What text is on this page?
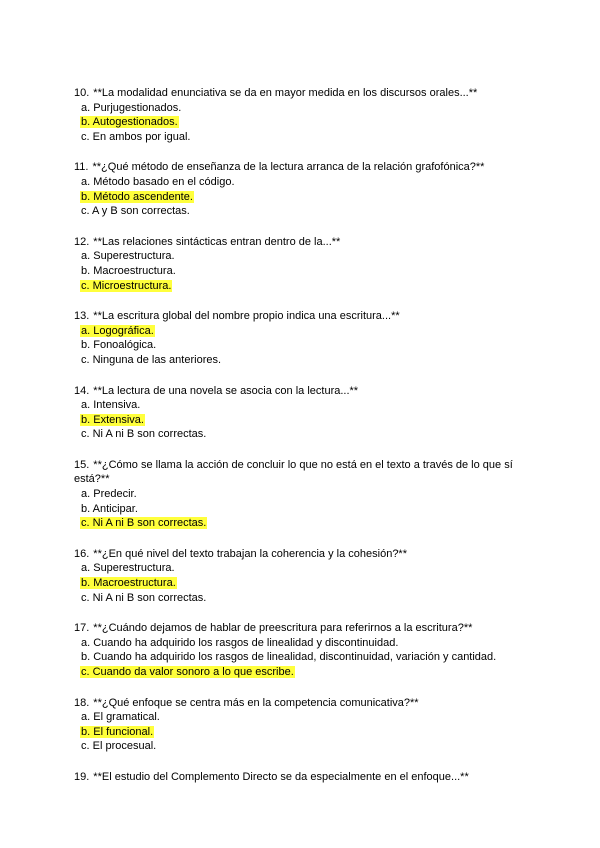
10. **La modalidad enunciativa se da en mayor medida en los discursos orales...**
a. Purjugestionados.
b. Autogestionados.
c. En ambos por igual.
11. **¿Qué método de enseñanza de la lectura arranca de la relación grafofónica?**
a. Método basado en el código.
b. Método ascendente.
c. A y B son correctas.
12. **Las relaciones sintácticas entran dentro de la...**
a. Superestructura.
b. Macroestructura.
c. Microestructura.
13. **La escritura global del nombre propio indica una escritura...**
a. Logográfica.
b. Fonoalógica.
c. Ninguna de las anteriores.
14. **La lectura de una novela se asocia con la lectura...**
a. Intensiva.
b. Extensiva.
c. Ni A ni B son correctas.
15. **¿Cómo se llama la acción de concluir lo que no está en el texto a través de lo que sí está?**
a. Predecir.
b. Anticipar.
c. Ni A ni B son correctas.
16. **¿En qué nivel del texto trabajan la coherencia y la cohesión?**
a. Superestructura.
b. Macroestructura.
c. Ni A ni B son correctas.
17. **¿Cuándo dejamos de hablar de preescritura para referirnos a la escritura?**
a. Cuando ha adquirido los rasgos de linealidad y discontinuidad.
b. Cuando ha adquirido los rasgos de linealidad, discontinuidad, variación y cantidad.
c. Cuando da valor sonoro a lo que escribe.
18. **¿Qué enfoque se centra más en la competencia comunicativa?**
a. El gramatical.
b. El funcional.
c. El procesual.
19. **El estudio del Complemento Directo se da especialmente en el enfoque...**
